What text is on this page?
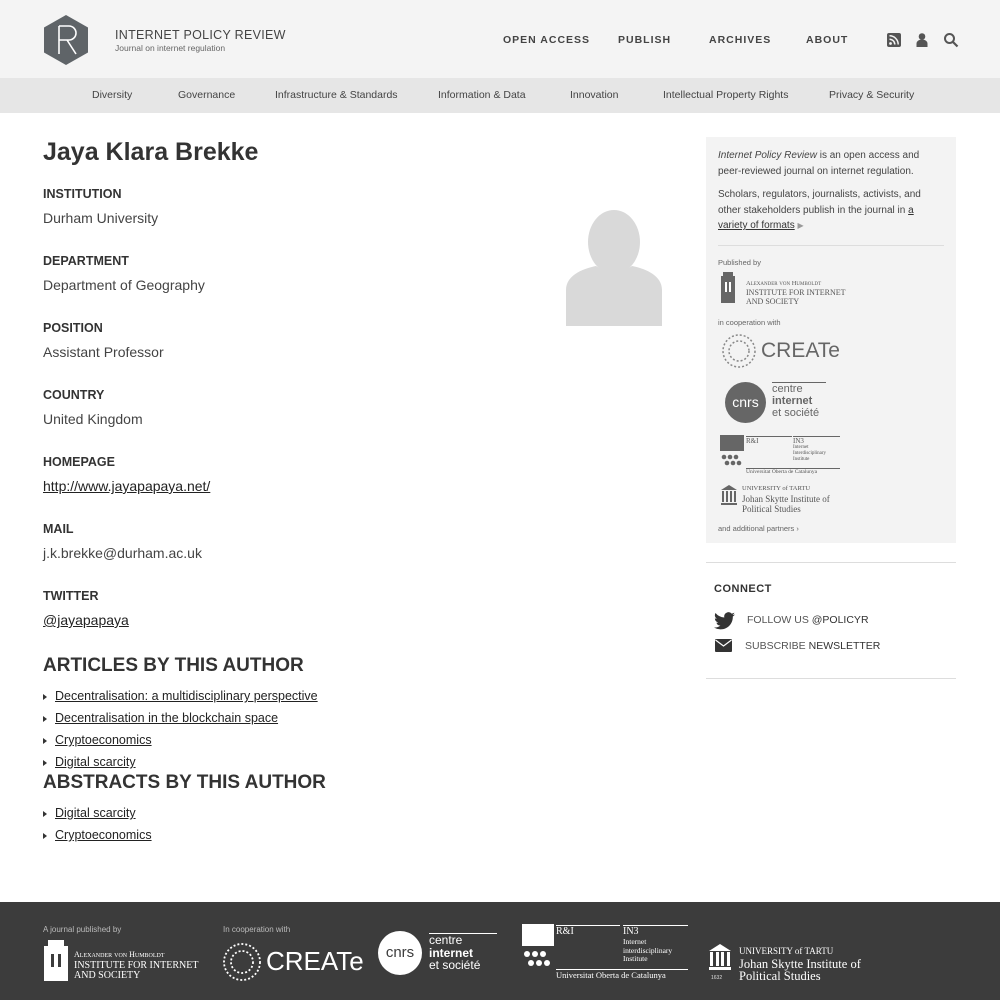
INTERNET POLICY REVIEW
Journal on internet regulation
OPEN ACCESS	PUBLISH	ARCHIVES	ABOUT
Diversity	Governance	Infrastructure & Standards	Information & Data	Innovation	Intellectual Property Rights	Privacy & Security
Jaya Klara Brekke
INSTITUTION
Durham University
DEPARTMENT
Department of Geography
POSITION
Assistant Professor
COUNTRY
United Kingdom
HOMEPAGE
http://www.jayapapaya.net/
MAIL
j.k.brekke@durham.ac.uk
TWITTER
@jayapapaya
ARTICLES BY THIS AUTHOR
Decentralisation: a multidisciplinary perspective
Decentralisation in the blockchain space
Cryptoeconomics
Digital scarcity
ABSTRACTS BY THIS AUTHOR
Digital scarcity
Cryptoeconomics
Internet Policy Review is an open access and peer-reviewed journal on internet regulation.
Scholars, regulators, journalists, activists, and other stakeholders publish in the journal in a variety of formats ▶
Published by
Alexander von Humboldt
INSTITUTE FOR INTERNET
AND SOCIETY
in cooperation with
CREATe
cnrs
centre
internet
et société
R&I	IN3
Internet
Interdisciplinary
Institute
Universitat Oberta de Catalunya
UNIVERSITY of TARTU
Johan Skytte Institute of
Political Studies
and additional partners ›
CONNECT
FOLLOW US @POLICYR
SUBSCRIBE NEWSLETTER
A journal published by	In cooperation with
Alexander von Humboldt
INSTITUTE FOR INTERNET
AND SOCIETY	CREATe	cnrs
centre
internet
et société
R&I	IN3
Internet
interdisciplinary
Institute
Universitat Oberta de Catalunya	1632
UNIVERSITY of TARTU
Johan Skytte Institute of
Political Studies
